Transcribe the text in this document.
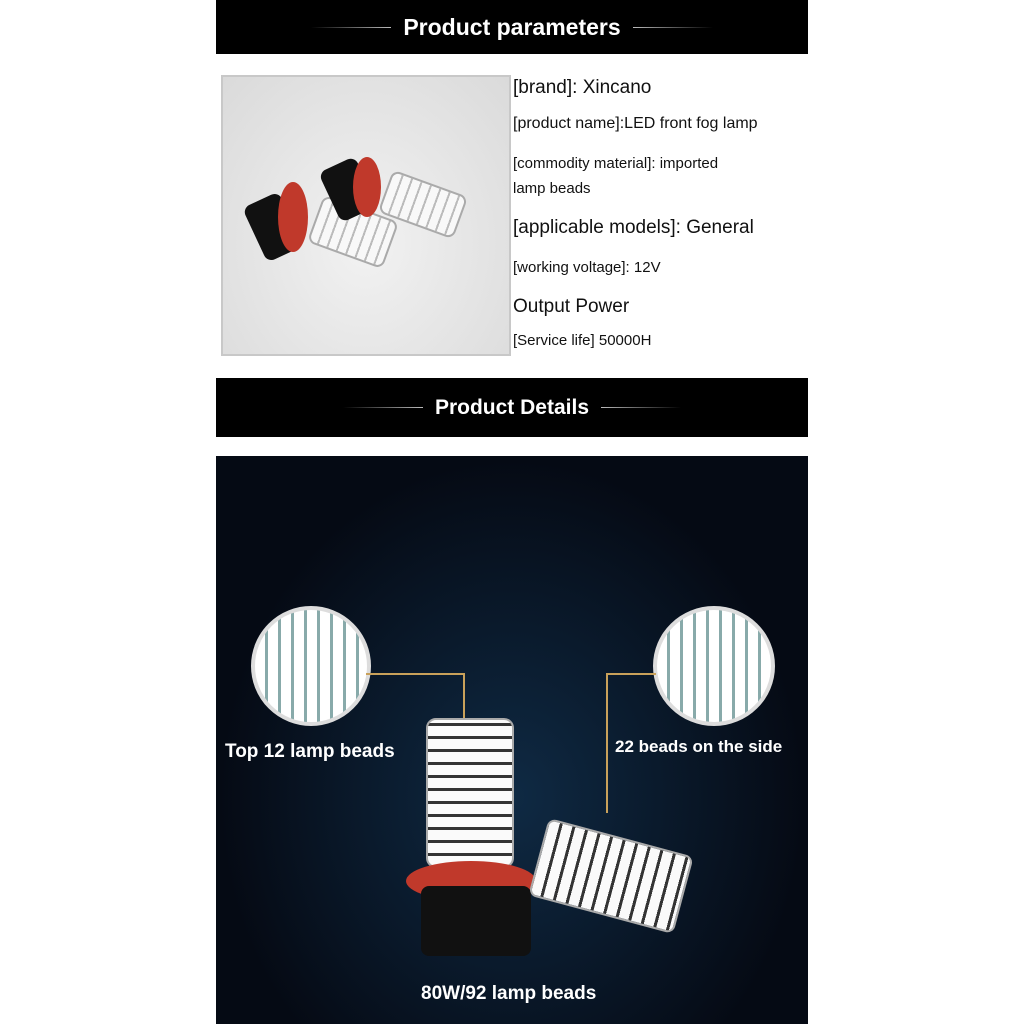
Product parameters
[brand]: Xincano
[product name]:LED front fog lamp
[commodity material]: imported
lamp beads
[applicable models]: General
[working voltage]: 12V
Output Power
[Service life] 50000H
Product Details
Top 12 lamp beads	22 beads on the side
80W/92 lamp beads
